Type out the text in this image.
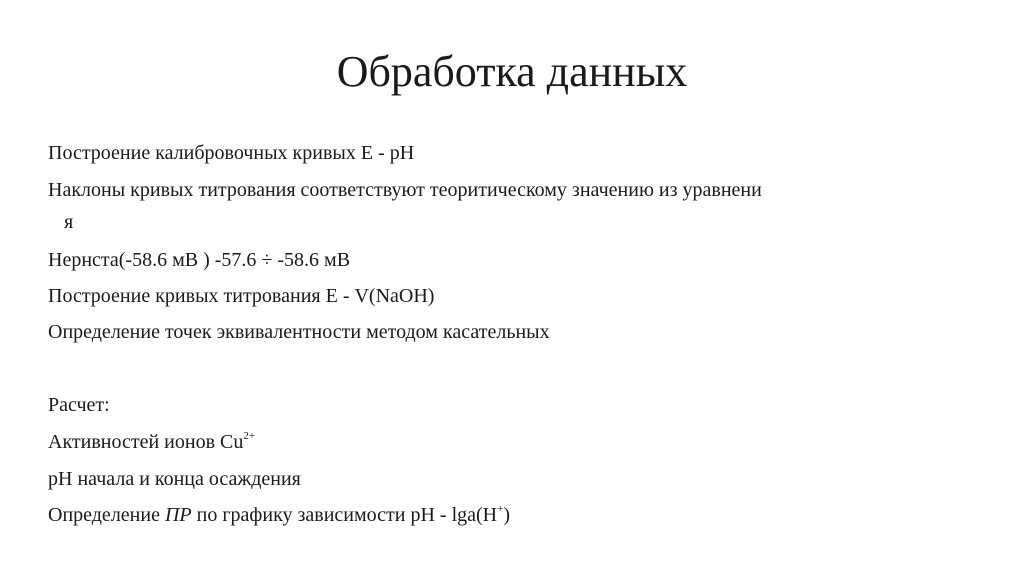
Обработка данных
Построение калибровочных кривых Е - pH
Наклоны кривых титрования соответствуют теоритическому значению из уравнени
я
Нернста(-58.6 мВ ) -57.6 ÷ -58.6 мВ
Построение кривых титрования Е - V(NaOH)
Определение точек эквивалентности методом касательных
Расчет:
Активностей ионов $Cu^{2+}$
pH начала и конца осаждения
Определение ПР по графику зависимости pH - lga(H+)
